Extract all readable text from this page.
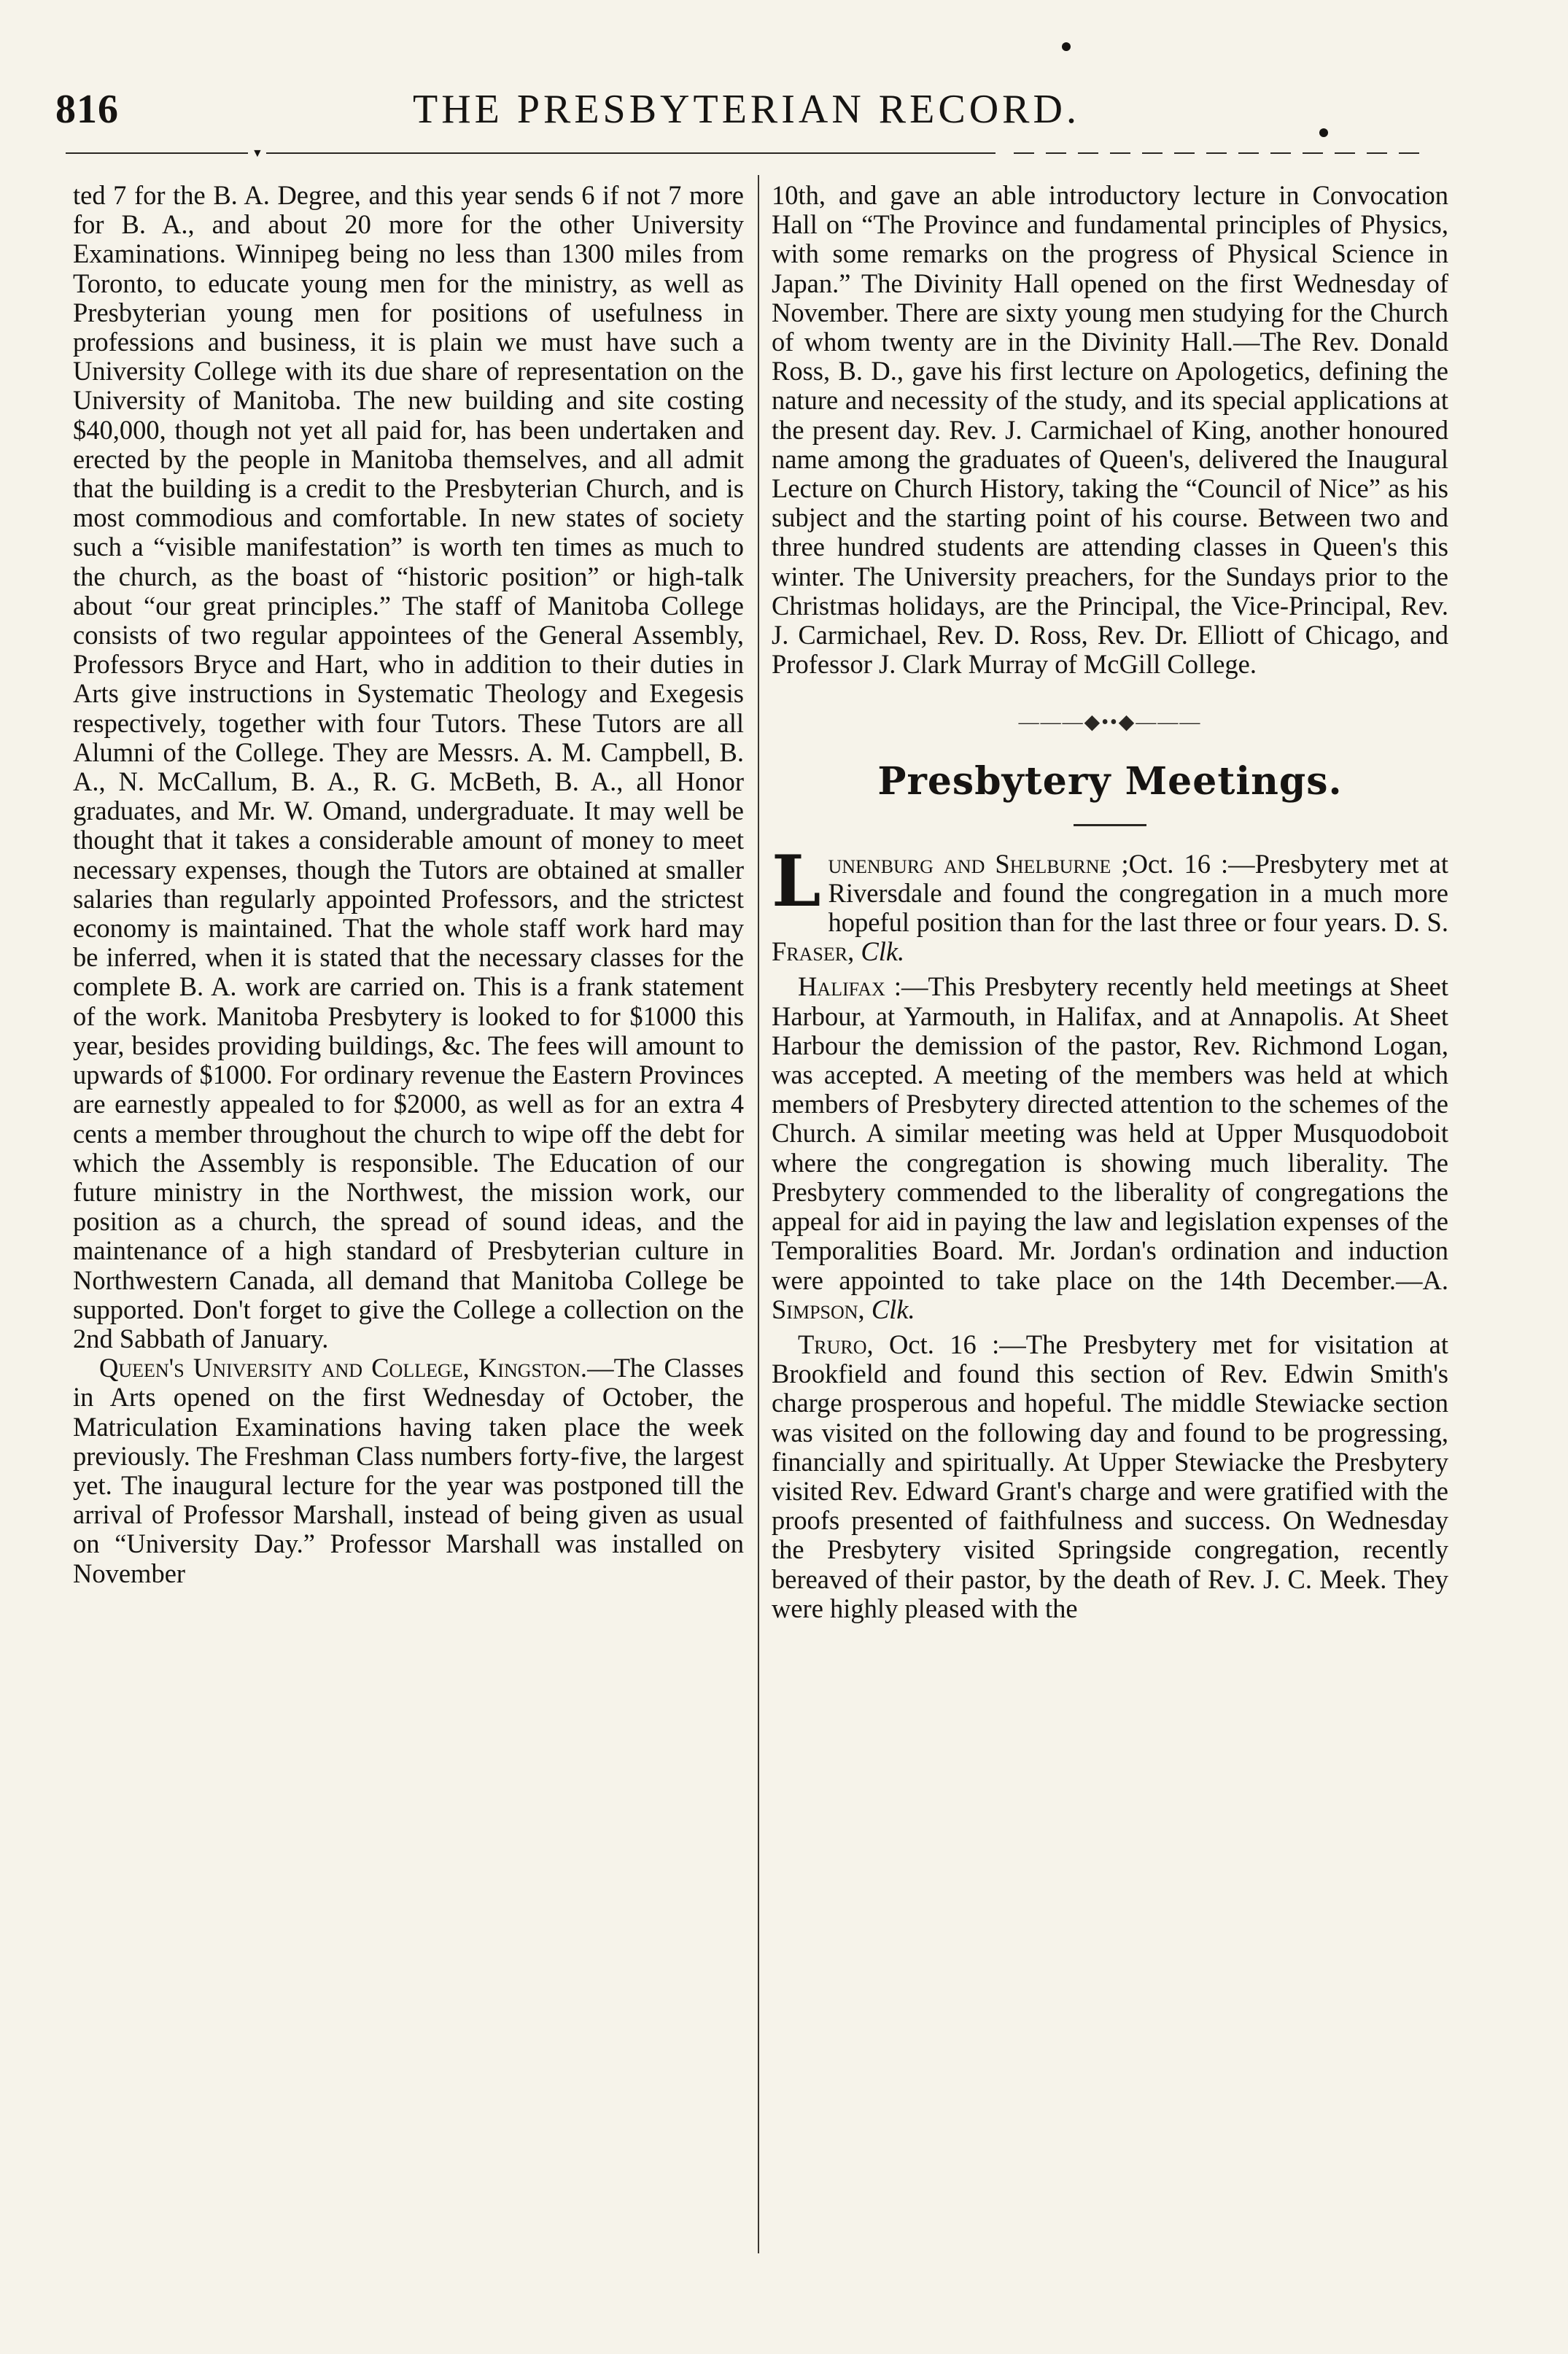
816	THE PRESBYTERIAN RECORD.
▼

ted 7 for the B. A. Degree, and this year sends 6 if not 7 more for B. A., and about 20 more for the other University Examinations. Winnipeg being no less than 1300 miles from Toronto, to educate young men for the ministry, as well as Presbyterian young men for positions of usefulness in professions and business, it is plain we must have such a University College with its due share of representation on the University of Manitoba. The new building and site costing $40,000, though not yet all paid for, has been undertaken and erected by the people in Manitoba themselves, and all admit that the building is a credit to the Presbyterian Church, and is most commodious and comfortable. In new states of society such a “visible manifestation” is worth ten times as much to the church, as the boast of “historic position” or high-talk about “our great principles.” The staff of Manitoba College consists of two regular appointees of the General Assembly, Professors Bryce and Hart, who in addition to their duties in Arts give instructions in Systematic Theology and Exegesis respectively, together with four Tutors. These Tutors are all Alumni of the College. They are Messrs. A. M. Campbell, B. A., N. McCallum, B. A., R. G. McBeth, B. A., all Honor graduates, and Mr. W. Omand, undergraduate. It may well be thought that it takes a considerable amount of money to meet necessary expenses, though the Tutors are obtained at smaller salaries than regularly appointed Professors, and the strictest economy is maintained. That the whole staff work hard may be inferred, when it is stated that the necessary classes for the complete B. A. work are carried on. This is a frank statement of the work. Manitoba Presbytery is looked to for $1000 this year, besides providing buildings, &c. The fees will amount to upwards of $1000. For ordinary revenue the Eastern Provinces are earnestly appealed to for $2000, as well as for an extra 4 cents a member throughout the church to wipe off the debt for which the Assembly is responsible. The Education of our future ministry in the Northwest, the mission work, our position as a church, the spread of sound ideas, and the maintenance of a high standard of Presbyterian culture in Northwestern Canada, all demand that Manitoba College be supported. Don't forget to give the College a collection on the 2nd Sabbath of January.

Queen's University and College, Kingston.—The Classes in Arts opened on the first Wednesday of October, the Matriculation Examinations having taken place the week previously. The Freshman Class numbers forty-five, the largest yet. The inaugural lecture for the year was postponed till the arrival of Professor Marshall, instead of being given as usual on “University Day.” Professor Marshall was installed on November

10th, and gave an able introductory lecture in Convocation Hall on “The Province and fundamental principles of Physics, with some remarks on the progress of Physical Science in Japan.” The Divinity Hall opened on the first Wednesday of November. There are sixty young men studying for the Church of whom twenty are in the Divinity Hall.—The Rev. Donald Ross, B. D., gave his first lecture on Apologetics, defining the nature and necessity of the study, and its special applications at the present day. Rev. J. Carmichael of King, another honoured name among the graduates of Queen's, delivered the Inaugural Lecture on Church History, taking the “Council of Nice” as his subject and the starting point of his course. Between two and three hundred students are attending classes in Queen's this winter. The University preachers, for the Sundays prior to the Christmas holidays, are the Principal, the Vice-Principal, Rev. J. Carmichael, Rev. D. Ross, Rev. Dr. Elliott of Chicago, and Professor J. Clark Murray of McGill College.

———◆••◆———
Presbytery Meetings.

Lunenburg and Shelburne ;Oct. 16 :—Presbytery met at Riversdale and found the congregation in a much more hopeful position than for the last three or four years. D. S. Fraser, Clk.

Halifax :—This Presbytery recently held meetings at Sheet Harbour, at Yarmouth, in Halifax, and at Annapolis. At Sheet Harbour the demission of the pastor, Rev. Richmond Logan, was accepted. A meeting of the members was held at which members of Presbytery directed attention to the schemes of the Church. A similar meeting was held at Upper Musquodoboit where the congregation is showing much liberality. The Presbytery commended to the liberality of congregations the appeal for aid in paying the law and legislation expenses of the Temporalities Board. Mr. Jordan's ordination and induction were appointed to take place on the 14th December.—A. Simpson, Clk.

Truro, Oct. 16 :—The Presbytery met for visitation at Brookfield and found this section of Rev. Edwin Smith's charge prosperous and hopeful. The middle Stewiacke section was visited on the following day and found to be progressing, financially and spiritually. At Upper Stewiacke the Presbytery visited Rev. Edward Grant's charge and were gratified with the proofs presented of faithfulness and success. On Wednesday the Presbytery visited Springside congregation, recently bereaved of their pastor, by the death of Rev. J. C. Meek. They were highly pleased with the
